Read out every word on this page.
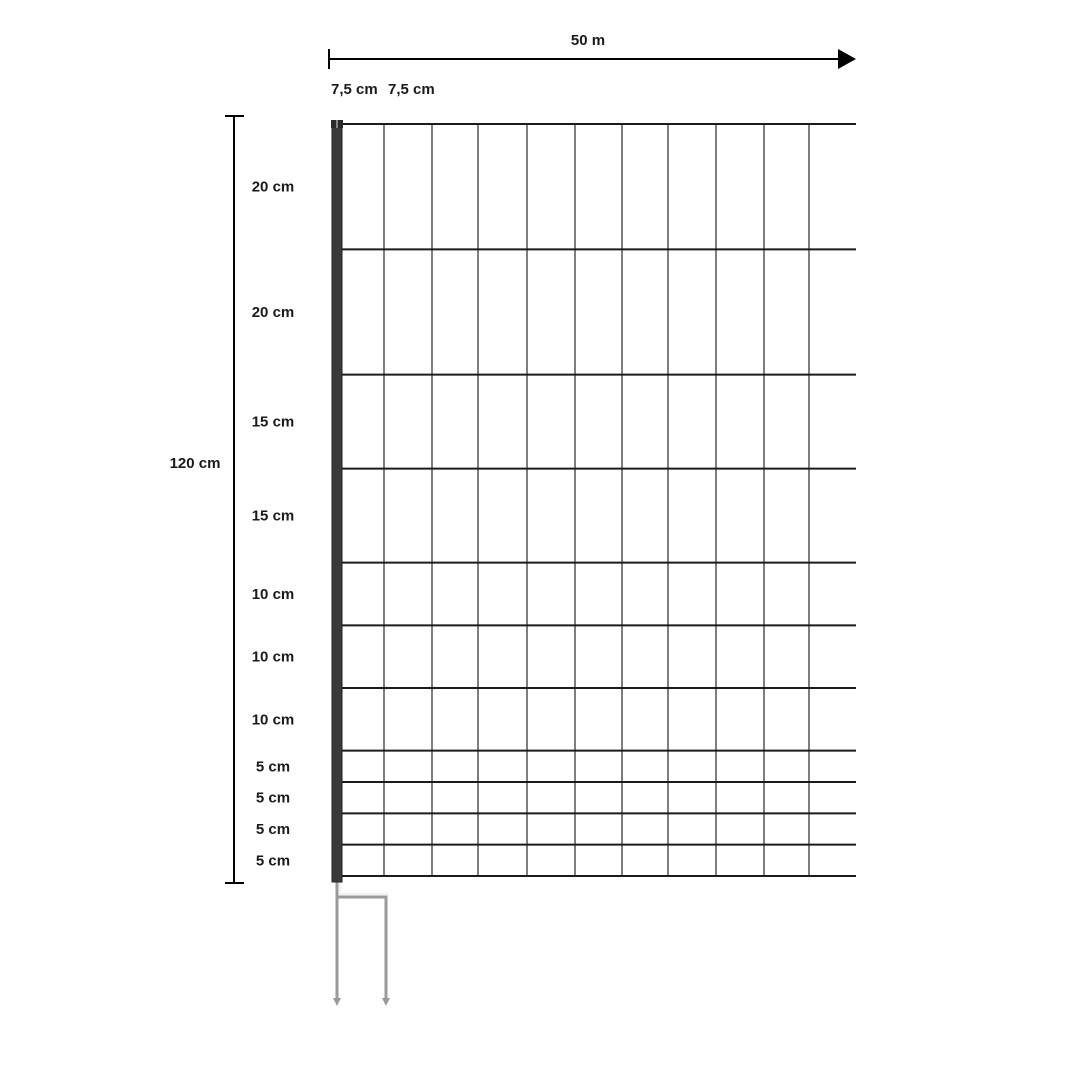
50 m
7,5 cm 7,5 cm
120 cm
20 cm
20 cm
15 cm
15 cm
10 cm
10 cm
10 cm
5 cm
5 cm
5 cm
5 cm
